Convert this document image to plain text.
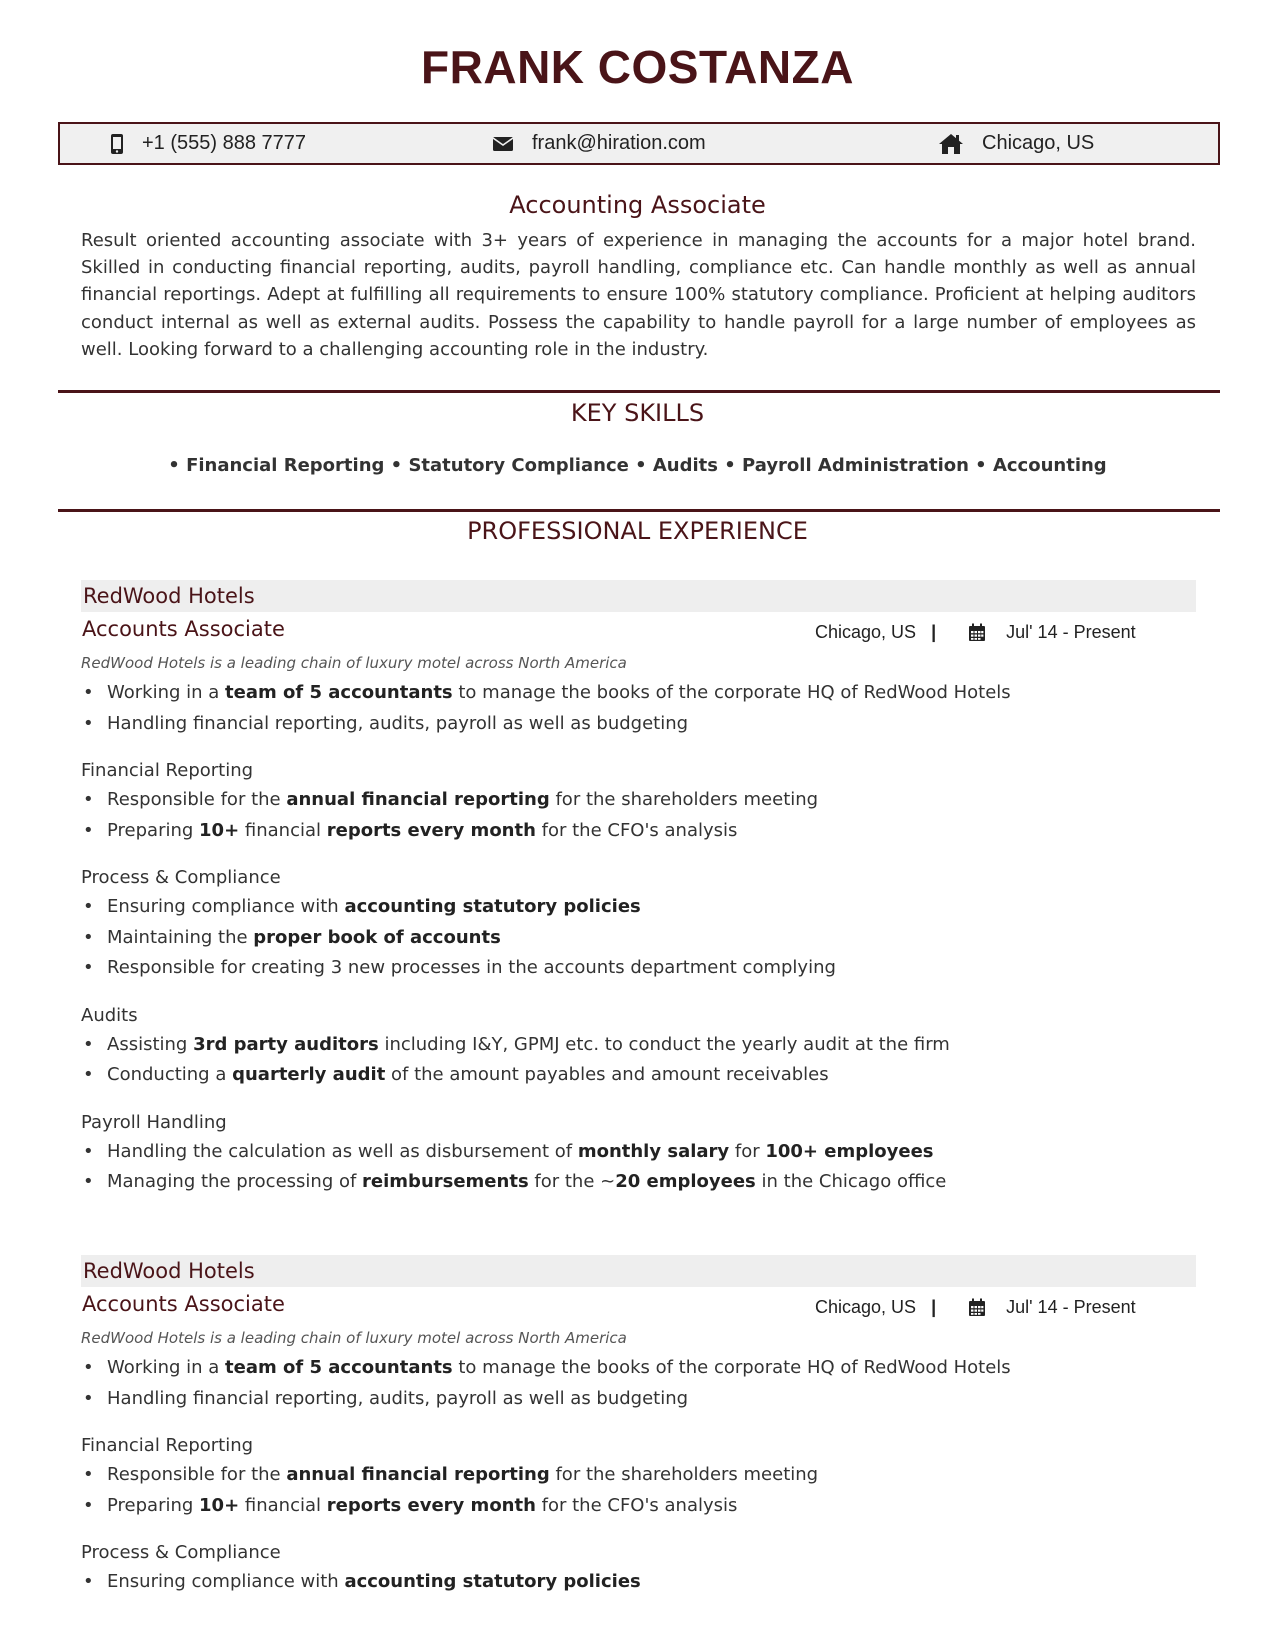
FRANK COSTANZA
+1 (555) 888 7777	frank@hiration.com	Chicago, US
Accounting Associate

Result oriented accounting associate with 3+ years of experience in managing the accounts for a major hotel brand. Skilled in conducting financial reporting, audits, payroll handling, compliance etc. Can handle monthly as well as annual financial reportings. Adept at fulfilling all requirements to ensure 100% statutory compliance. Proficient at helping auditors conduct internal as well as external audits. Possess the capability to handle payroll for a large number of employees as well. Looking forward to a challenging accounting role in the industry.

KEY SKILLS
• Financial Reporting • Statutory Compliance • Audits • Payroll Administration • Accounting
PROFESSIONAL EXPERIENCE
RedWood Hotels
Accounts Associate	Chicago, US |	Jul' 14 - Present
RedWood Hotels is a leading chain of luxury motel across North America
• Working in a team of 5 accountants to manage the books of the corporate HQ of RedWood Hotels
• Handling financial reporting, audits, payroll as well as budgeting
Financial Reporting
• Responsible for the annual financial reporting for the shareholders meeting
• Preparing 10+ financial reports every month for the CFO's analysis
Process & Compliance
• Ensuring compliance with accounting statutory policies
• Maintaining the proper book of accounts
• Responsible for creating 3 new processes in the accounts department complying
Audits
• Assisting 3rd party auditors including I&Y, GPMJ etc. to conduct the yearly audit at the firm
• Conducting a quarterly audit of the amount payables and amount receivables
Payroll Handling
• Handling the calculation as well as disbursement of monthly salary for 100+ employees
• Managing the processing of reimbursements for the ~20 employees in the Chicago office
RedWood Hotels
Accounts Associate	Chicago, US |	Jul' 14 - Present
RedWood Hotels is a leading chain of luxury motel across North America
• Working in a team of 5 accountants to manage the books of the corporate HQ of RedWood Hotels
• Handling financial reporting, audits, payroll as well as budgeting
Financial Reporting
• Responsible for the annual financial reporting for the shareholders meeting
• Preparing 10+ financial reports every month for the CFO's analysis
Process & Compliance
• Ensuring compliance with accounting statutory policies
